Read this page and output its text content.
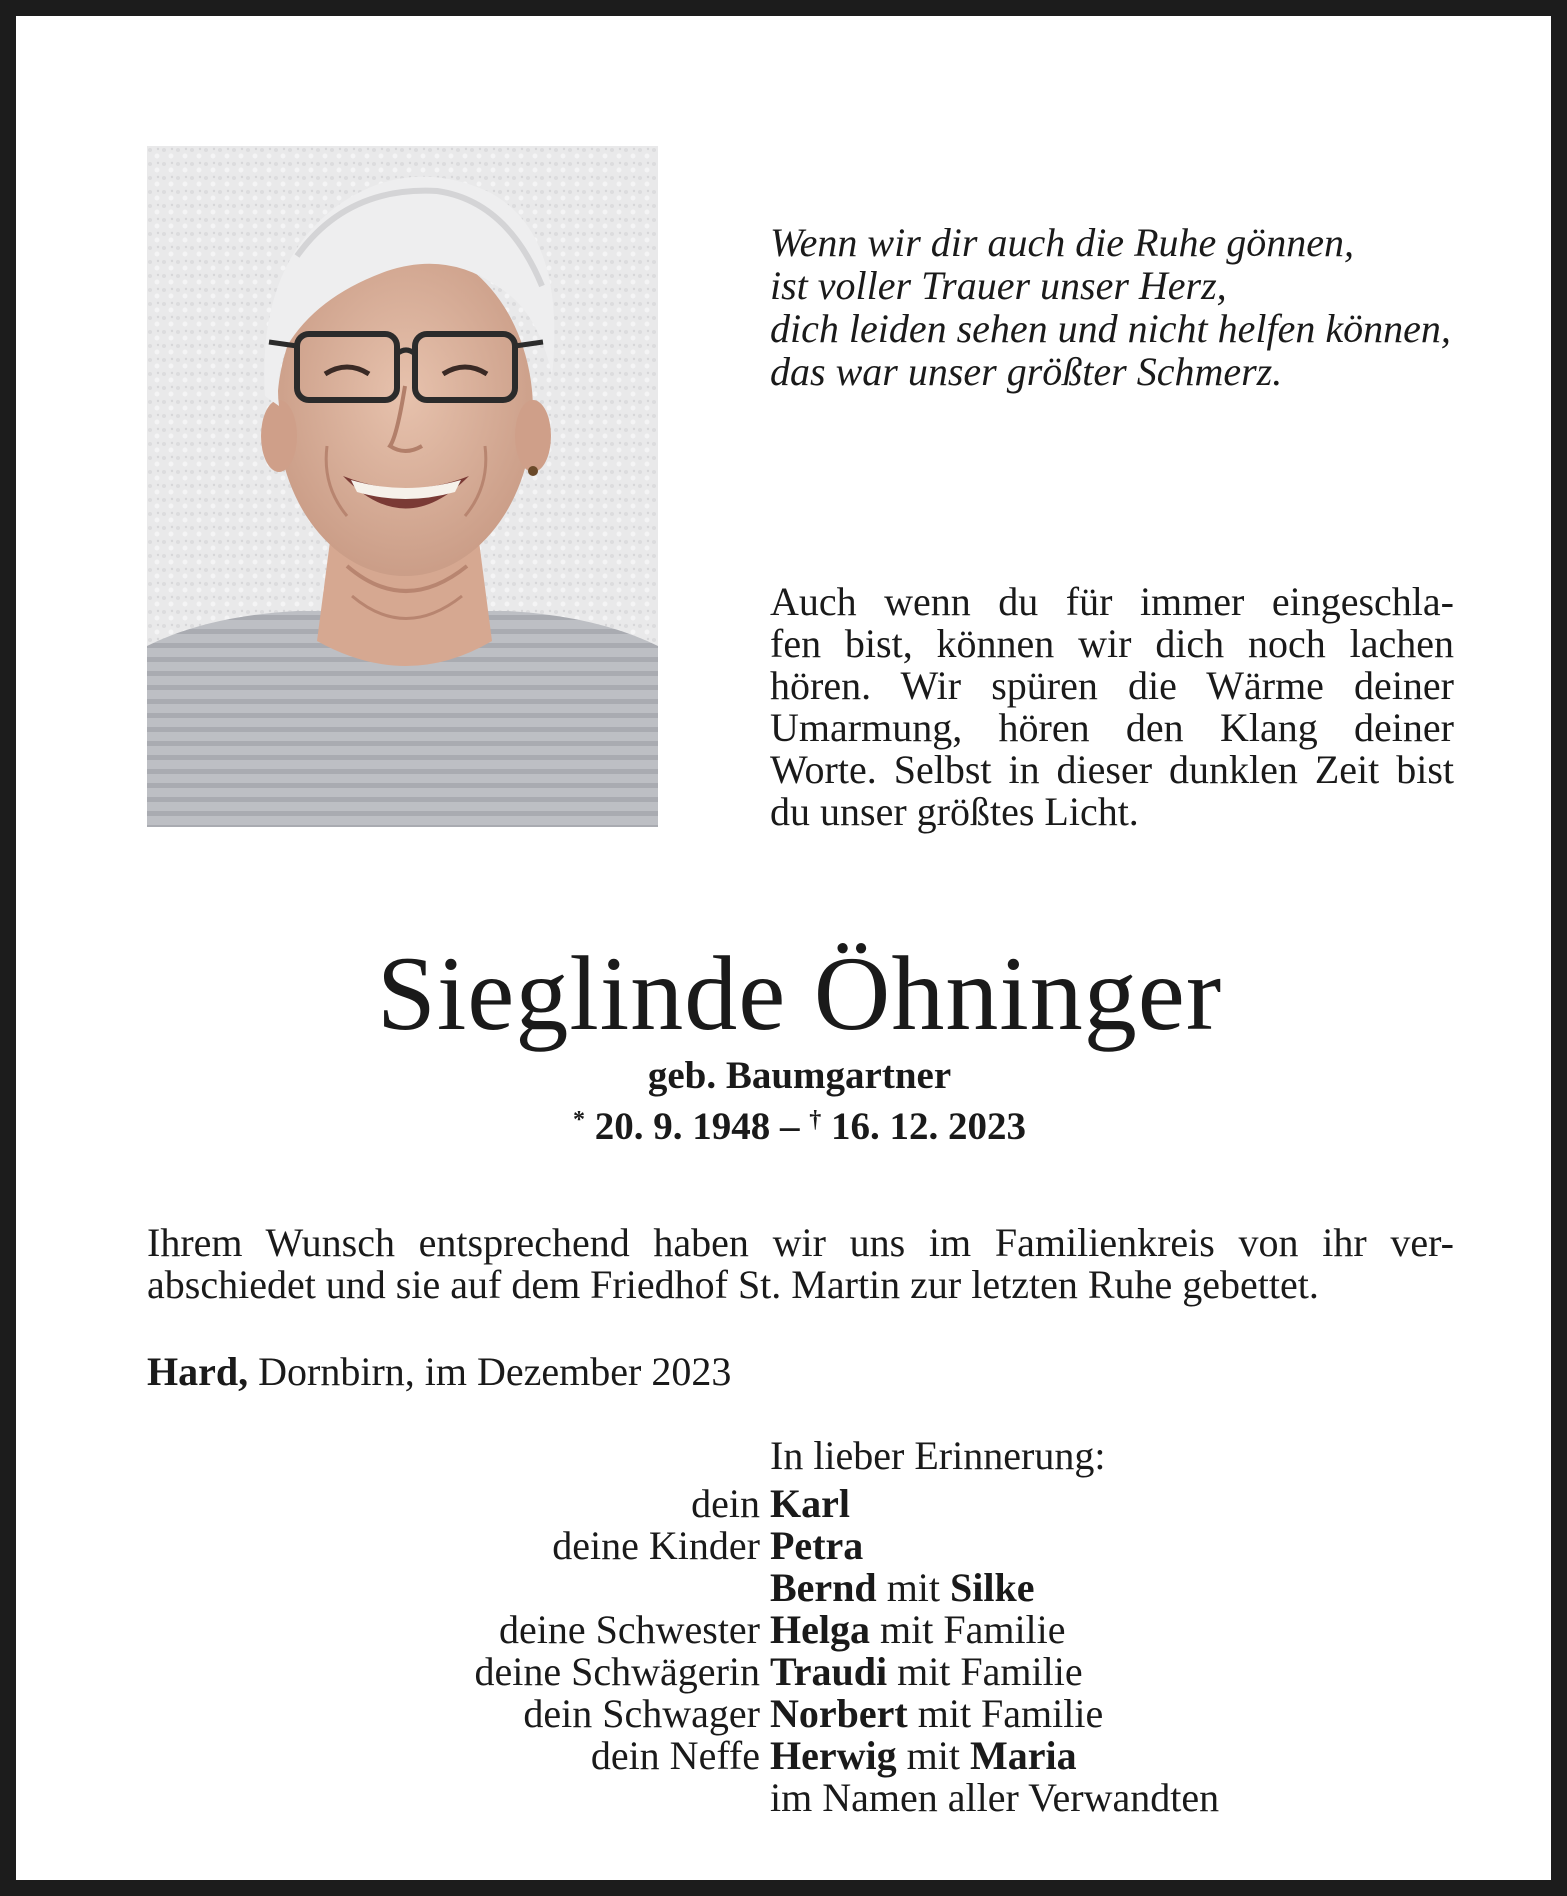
Wenn wir dir auch die Ruhe gönnen,
ist voller Trauer unser Herz,
dich leiden sehen und nicht helfen können,
das war unser größter Schmerz.
Auch wenn du für immer eingeschla-
fen bist, können wir dich noch lachen
hören. Wir spüren die Wärme deiner
Umarmung, hören den Klang deiner
Worte. Selbst in dieser dunklen Zeit bist
du unser größtes Licht.
Sieglinde Öhninger
geb. Baumgartner
* 20. 9. 1948 – † 16. 12. 2023
Ihrem Wunsch entsprechend haben wir uns im Familienkreis von ihr ver-
abschiedet und sie auf dem Friedhof St. Martin zur letzten Ruhe gebettet.
Hard, Dornbirn, im Dezember 2023
In lieber Erinnerung:
dein Karl
deine Kinder Petra
Bernd mit Silke
deine Schwester Helga mit Familie
deine Schwägerin Traudi mit Familie
dein Schwager Norbert mit Familie
dein Neffe Herwig mit Maria
im Namen aller Verwandten
